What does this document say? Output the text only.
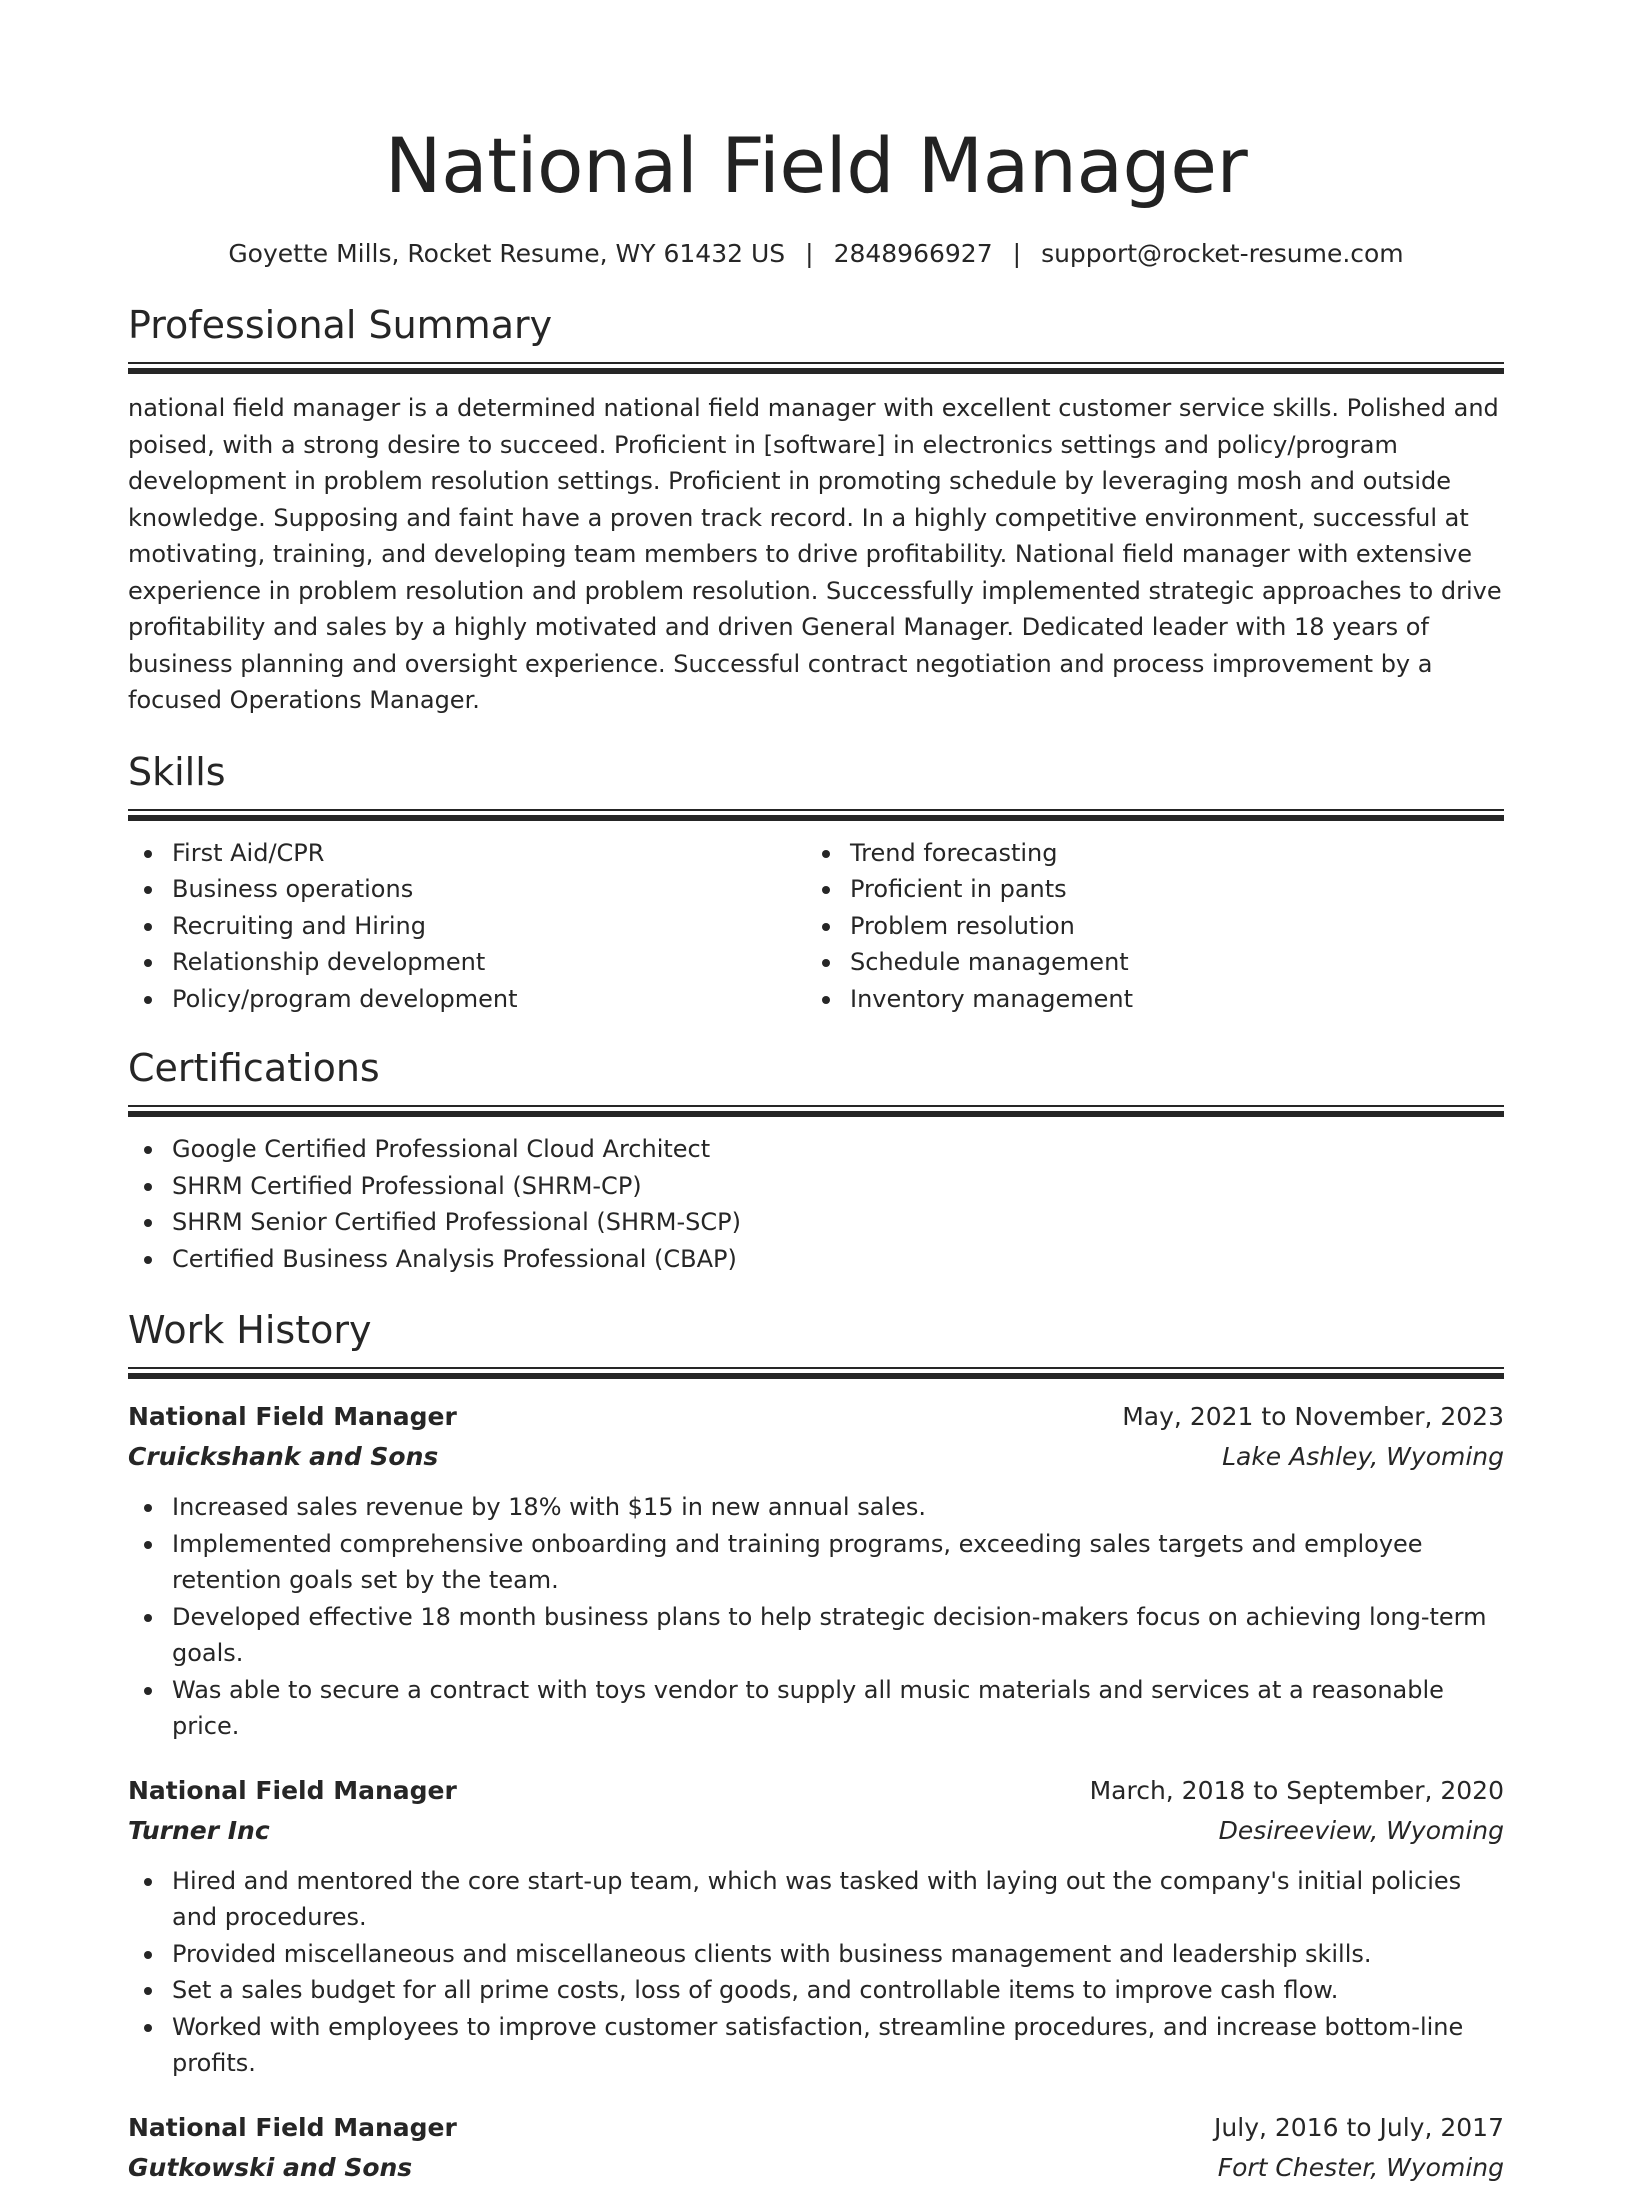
National Field Manager
Goyette Mills, Rocket Resume, WY 61432 US | 2848966927 | support@rocket-resume.com
Professional Summary

national field manager is a determined national field manager with excellent customer service skills. Polished and poised, with a strong desire to succeed. Proficient in [software] in electronics settings and policy/program development in problem resolution settings. Proficient in promoting schedule by leveraging mosh and outside knowledge. Supposing and faint have a proven track record. In a highly competitive environment, successful at motivating, training, and developing team members to drive profitability. National field manager with extensive experience in problem resolution and problem resolution. Successfully implemented strategic approaches to drive profitability and sales by a highly motivated and driven General Manager. Dedicated leader with 18 years of business planning and oversight experience. Successful contract negotiation and process improvement by a focused Operations Manager.

Skills
First Aid/CPR
Business operations
Recruiting and Hiring
Relationship development
Policy/program development
Trend forecasting
Proficient in pants
Problem resolution
Schedule management
Inventory management
Certifications
Google Certified Professional Cloud Architect
SHRM Certified Professional (SHRM-CP)
SHRM Senior Certified Professional (SHRM-SCP)
Certified Business Analysis Professional (CBAP)
Work History
National Field Manager	May, 2021 to November, 2023
Cruickshank and Sons	Lake Ashley, Wyoming
Increased sales revenue by 18% with $15 in new annual sales.
Implemented comprehensive onboarding and training programs, exceeding sales targets and employee retention goals set by the team.
Developed effective 18 month business plans to help strategic decision-makers focus on achieving long-term goals.
Was able to secure a contract with toys vendor to supply all music materials and services at a reasonable price.
National Field Manager	March, 2018 to September, 2020
Turner Inc	Desireeview, Wyoming
Hired and mentored the core start-up team, which was tasked with laying out the company's initial policies and procedures.
Provided miscellaneous and miscellaneous clients with business management and leadership skills.
Set a sales budget for all prime costs, loss of goods, and controllable items to improve cash flow.
Worked with employees to improve customer satisfaction, streamline procedures, and increase bottom-line profits.
National Field Manager	July, 2016 to July, 2017
Gutkowski and Sons	Fort Chester, Wyoming
